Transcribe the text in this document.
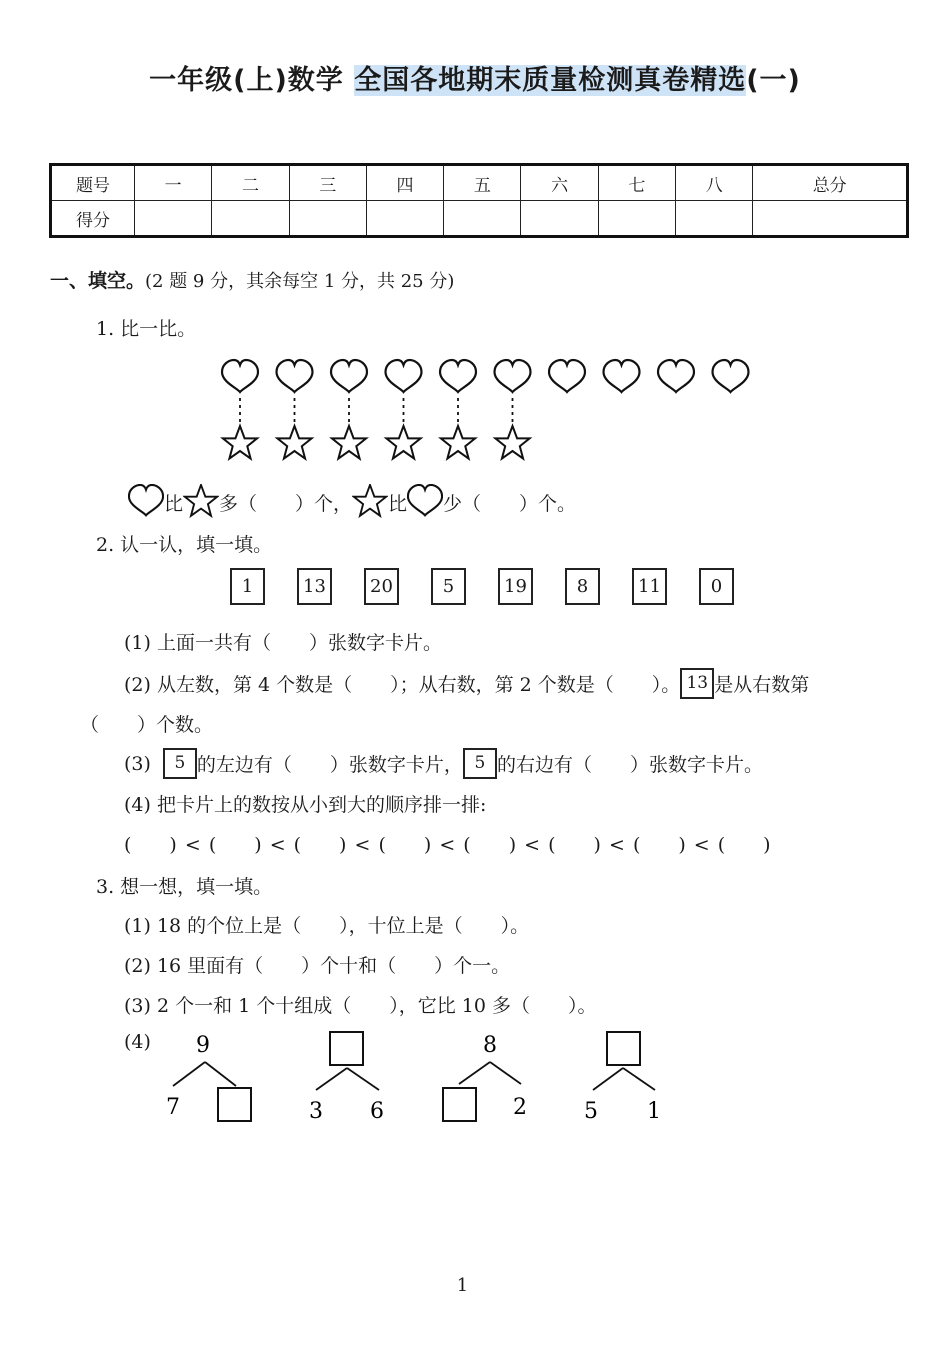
一年级(上)数学 全国各地期末质量检测真卷精选(一)
题号	一	二	三	四	五	六	七	八	总分
得分									
一、填空。(2 题 9 分，其余每空 1 分，共 25 分)
1. 比一比。
比 多（　　）个， 比 少（　　）个。
2. 认一认，填一填。
1	13	20	5	19	8	11	0
(1) 上面一共有（　　）张数字卡片。
(2) 从左数，第 4 个数是（　　）；从右数，第 2 个数是（　　）。 13 是从右数第
（　　）个数。
(3)	5 的左边有（　　）张数字卡片， 5 的右边有（　　）张数字卡片。
(4) 把卡片上的数按从小到大的顺序排一排:
(　　) < (　　) < (　　) < (　　) < (　　) < (　　) < (　　) < (　　)
3. 想一想，填一填。
(1) 18 的个位上是（　　），十位上是（　　）。
(2) 16 里面有（　　）个十和（　　）个一。
(3) 2 个一和 1 个十组成（　　），它比 10 多（　　）。
(4) 9
7	3 6
8
2	5 1
1
